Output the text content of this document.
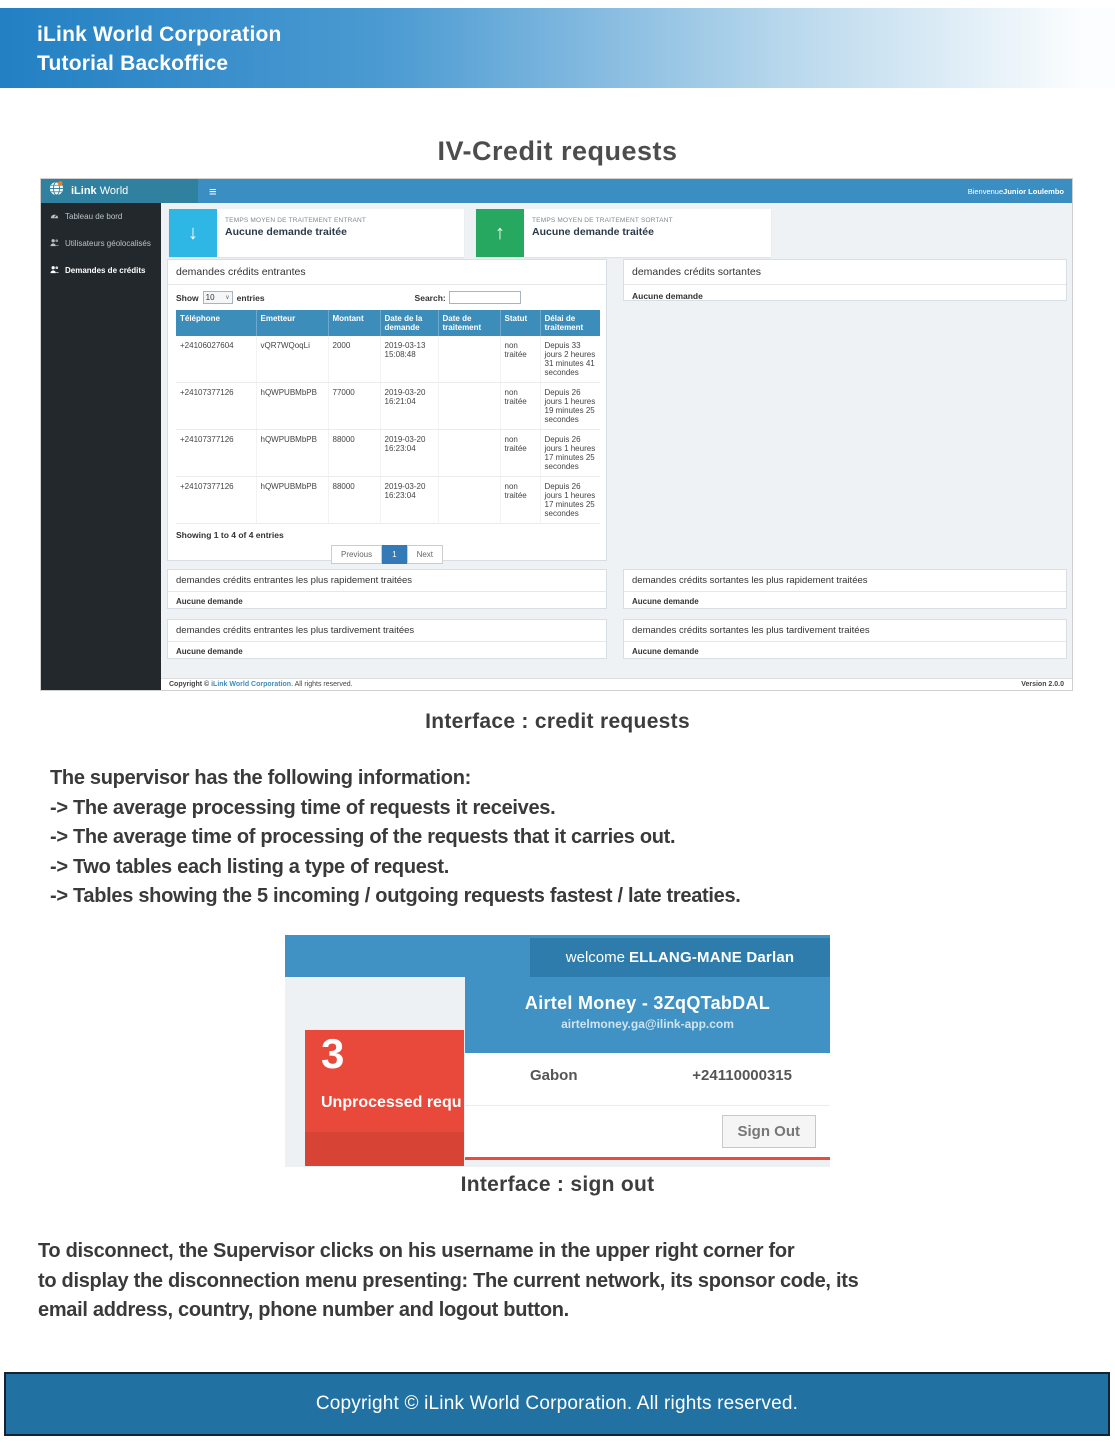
iLink World Corporation
Tutorial Backoffice
IV-Credit requests
iLink World	≡	Bienvenue Junior Loulembo
Tableau de bord
Utilisateurs géolocalisés
Demandes de crédits
↓
TEMPS MOYEN DE TRAITEMENT ENTRANT
Aucune demande traitée	↑
TEMPS MOYEN DE TRAITEMENT SORTANT
Aucune demande traitée
demandes crédits entrantes
Show 10 ∨ entries	Search:
Téléphone	Emetteur	Montant	Date de la demande	Date de traitement	Statut	Délai de traitement
+24106027604	vQR7WQoqLi	2000	2019-03-13 15:08:48		non traitée	Depuis 33 jours 2 heures 31 minutes 41 secondes
+24107377126	hQWPUBMbPB	77000	2019-03-20 16:21:04		non traitée	Depuis 26 jours 1 heures 19 minutes 25 secondes
+24107377126	hQWPUBMbPB	88000	2019-03-20 16:23:04		non traitée	Depuis 26 jours 1 heures 17 minutes 25 secondes
+24107377126	hQWPUBMbPB	88000	2019-03-20 16:23:04		non traitée	Depuis 26 jours 1 heures 17 minutes 25 secondes
Showing 1 to 4 of 4 entries
Previous	1	Next
demandes crédits sortantes
Aucune demande
demandes crédits entrantes les plus rapidement traitées
Aucune demande
demandes crédits sortantes les plus rapidement traitées
Aucune demande
demandes crédits entrantes les plus tardivement traitées
Aucune demande
demandes crédits sortantes les plus tardivement traitées
Aucune demande
Copyright © iLink World Corporation. All rights reserved.	Version 2.0.0
Interface : credit requests
The supervisor has the following information:
-> The average processing time of requests it receives.
-> The average time of processing of the requests that it carries out.
-> Two tables each listing a type of request.
-> Tables showing the 5 incoming / outgoing requests fastest / late treaties.
welcome ELLANG-MANE Darlan
3
Unprocessed requ
Airtel Money - 3ZqQTabDAL
airtelmoney.ga@ilink-app.com
Gabon	+24110000315
Sign Out
Interface : sign out
To disconnect, the Supervisor clicks on his username in the upper right corner for
to display the disconnection menu presenting: The current network, its sponsor code, its
email address, country, phone number and logout button.
Copyright © iLink World Corporation. All rights reserved.
